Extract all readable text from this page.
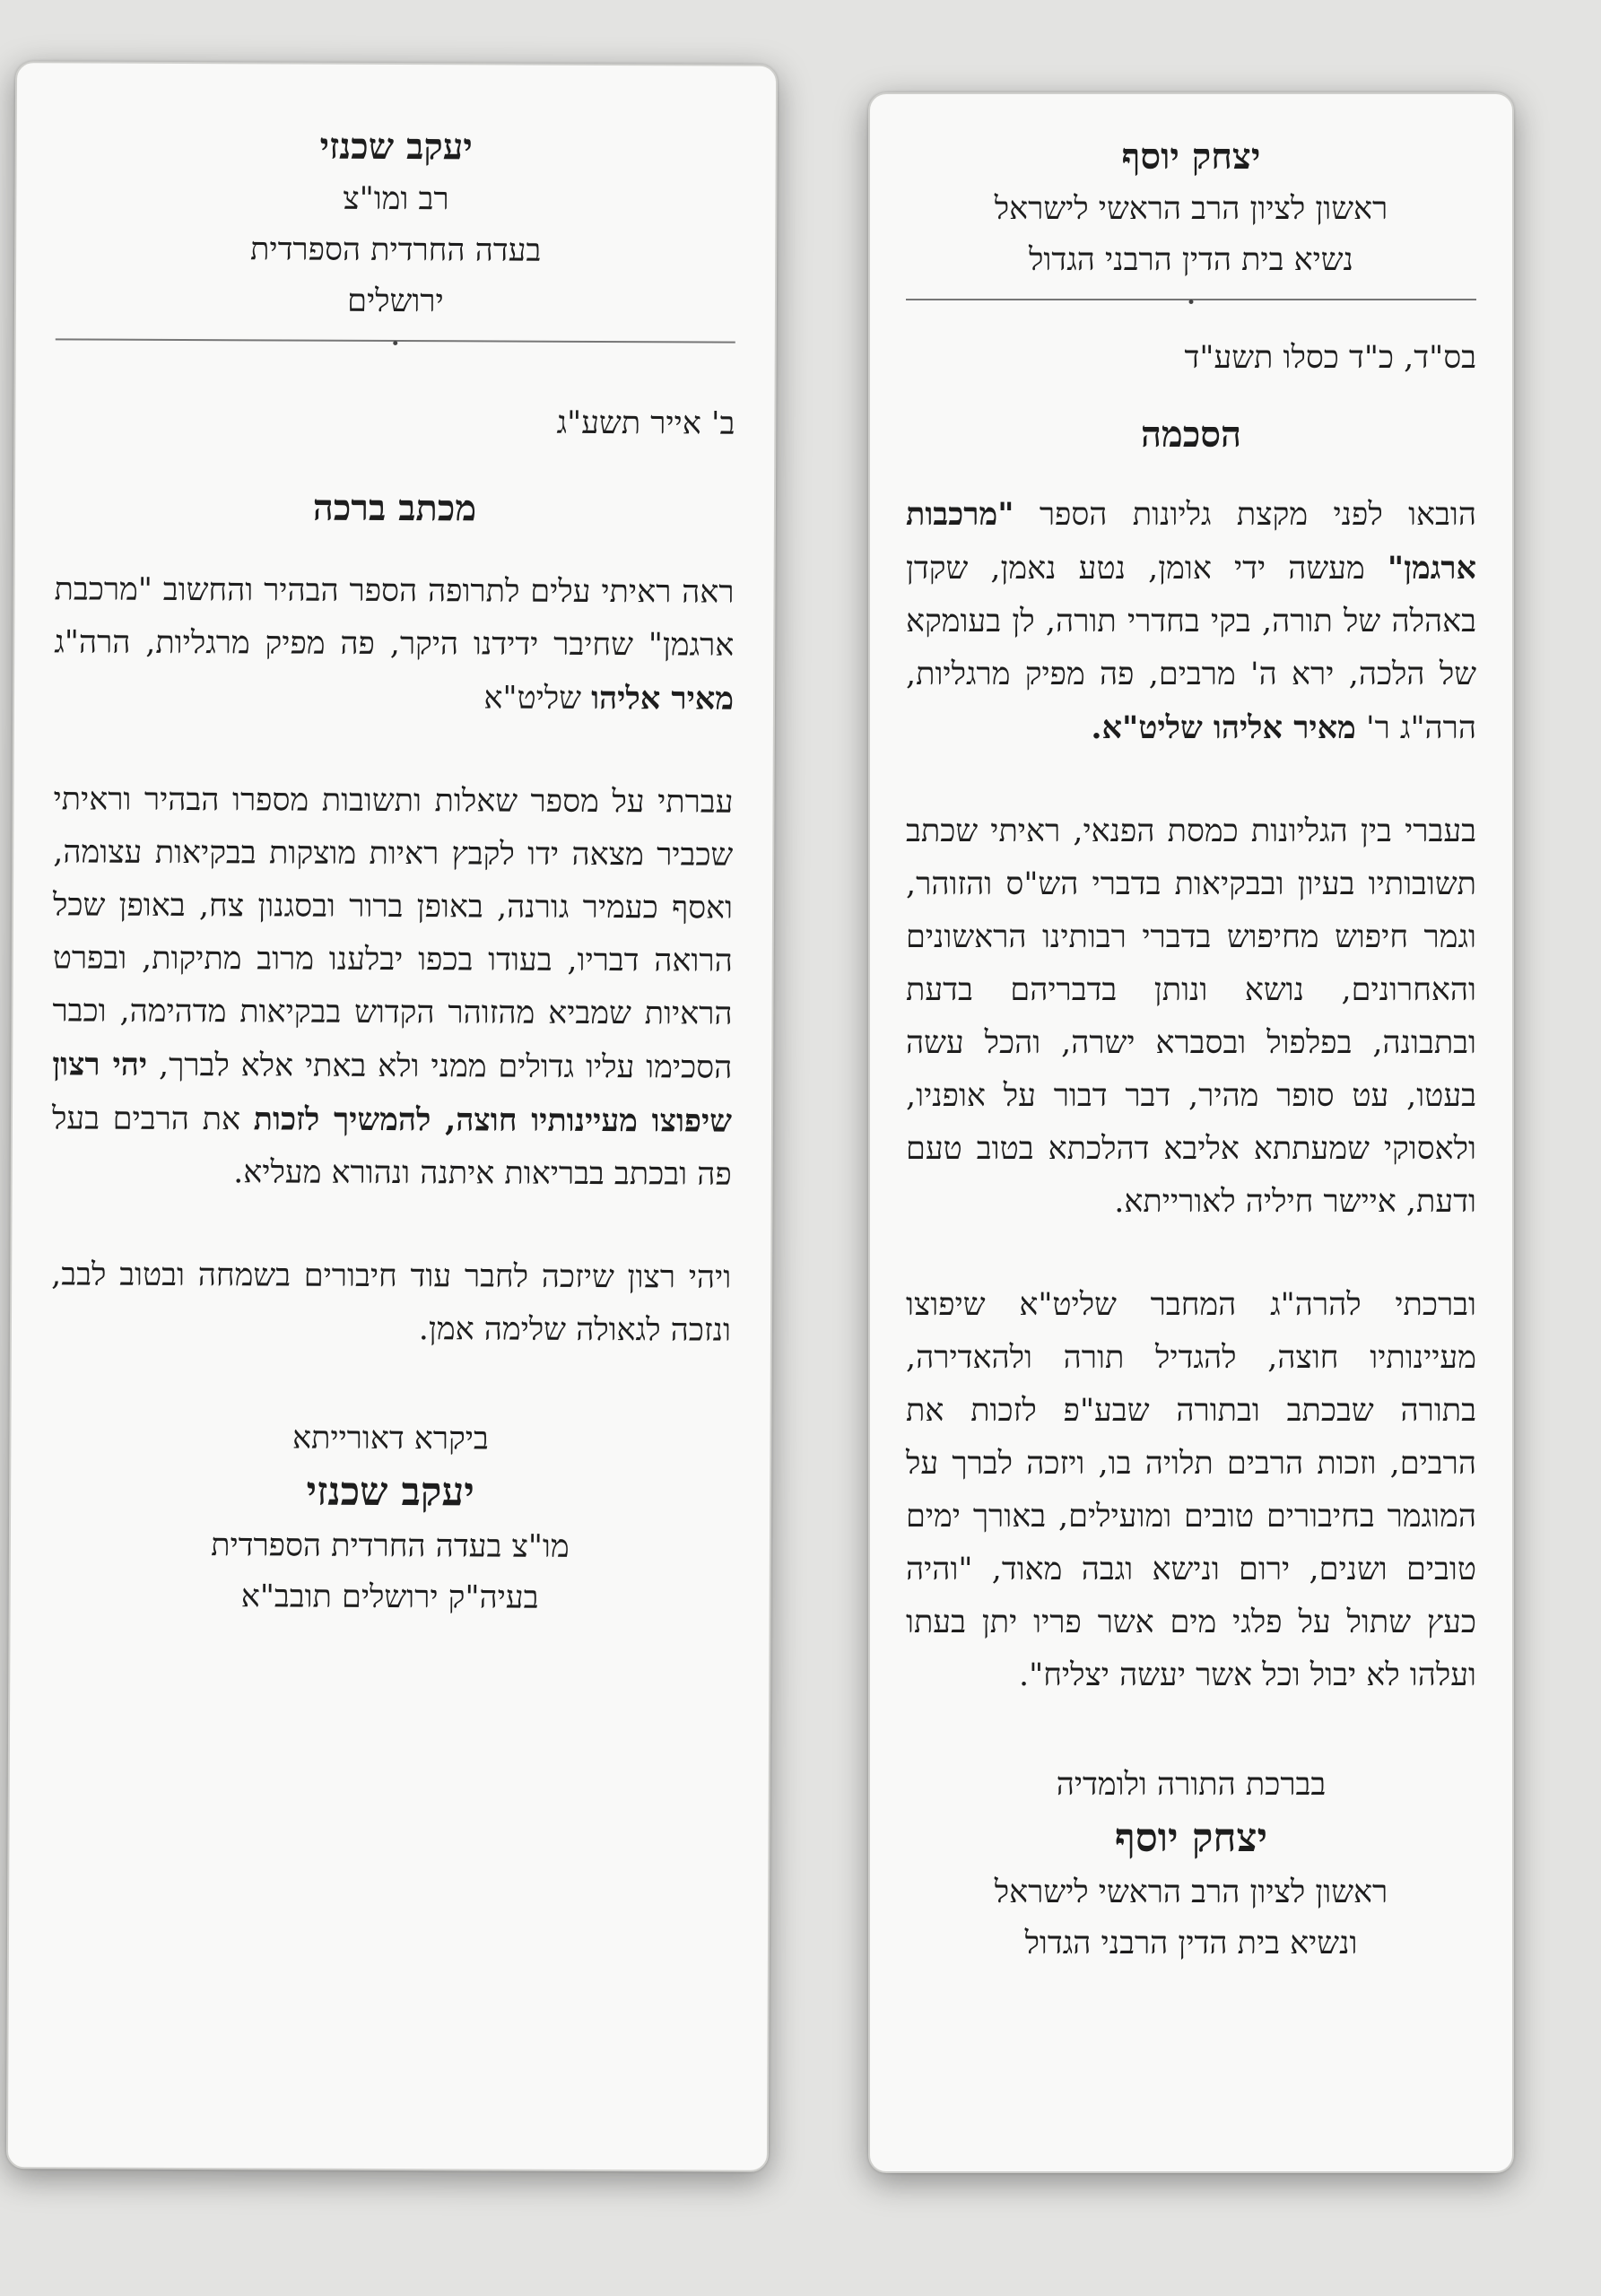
יעקב שכנזי
רב ומו"צ
בעדה החרדית הספרדית
ירושלים
ב' אייר תשע"ג
מכתב ברכה

ראה ראיתי עלים לתרופה הספר הבהיר והחשוב "מרכבת ארגמן" שחיבר ידידנו היקר, פה מפיק מרגליות, הרה"ג מאיר אליהו שליט"א

עברתי על מספר שאלות ותשובות מספרו הבהיר וראיתי שכביר מצאה ידו לקבץ ראיות מוצקות בבקיאות עצומה, ואסף כעמיר גורנה, באופן ברור ובסגנון צח, באופן שכל הרואה דבריו, בעודו בכפו יבלענו מרוב מתיקות, ובפרט הראיות שמביא מהזוהר הקדוש בבקיאות מדהימה, וכבר הסכימו עליו גדולים ממני ולא באתי אלא לברך, יהי רצון שיפוצו מעיינותיו חוצה, להמשיך לזכות את הרבים בעל פה ובכתב בבריאות איתנה ונהורא מעליא.

ויהי רצון שיזכה לחבר עוד חיבורים בשמחה ובטוב לבב, ונזכה לגאולה שלימה אמן.

ביקרא דאורייתא
יעקב שכנזי
מו"צ בעדה החרדית הספרדית
בעיה"ק ירושלים תובב"א
יצחק יוסף
ראשון לציון הרב הראשי לישראל
נשיא בית הדין הרבני הגדול
בס"ד, כ"ד כסלו תשע"ד
הסכמה

הובאו לפני מקצת גליונות הספר "מרכבות ארגמן" מעשה ידי אומן, נטע נאמן, שקדן באהלה של תורה, בקי בחדרי תורה, לן בעומקא של הלכה, ירא ה' מרבים, פה מפיק מרגליות, הרה"ג ר' מאיר אליהו שליט"א.

בעברי בין הגליונות כמסת הפנאי, ראיתי שכתב תשובותיו בעיון ובבקיאות בדברי הש"ס והזוהר, וגמר חיפוש מחיפוש בדברי רבותינו הראשונים והאחרונים, נושא ונותן בדבריהם בדעת ובתבונה, בפלפול ובסברא ישרה, והכל עשה בעטו, עט סופר מהיר, דבר דבור על אופניו, ולאסוקי שמעתתא אליבא דהלכתא בטוב טעם ודעת, איישר חיליה לאורייתא.

וברכתי להרה"ג המחבר שליט"א שיפוצו מעיינותיו חוצה, להגדיל תורה ולהאדירה, בתורה שבכתב ובתורה שבע"פ לזכות את הרבים, וזכות הרבים תלויה בו, ויזכה לברך על המוגמר בחיבורים טובים ומועילים, באורך ימים טובים ושנים, ירום ונישא וגבה מאוד, "והיה כעץ שתול על פלגי מים אשר פריו יתן בעתו ועלהו לא יבול וכל אשר יעשה יצליח".

בברכת התורה ולומדיה
יצחק יוסף
ראשון לציון הרב הראשי לישראל
ונשיא בית הדין הרבני הגדול
